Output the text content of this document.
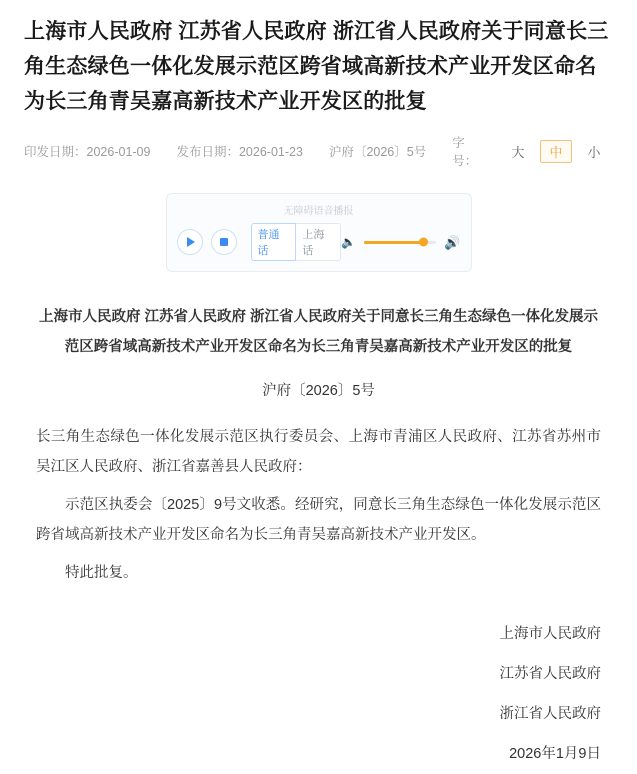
上海市人民政府 江苏省人民政府 浙江省人民政府关于同意长三角生态绿色一体化发展示范区跨省域高新技术产业开发区命名为长三角青吴嘉高新技术产业开发区的批复
印发日期：2026-01-09 发布日期：2026-01-23 沪府〔2026〕5号
字号：
大	中	小
无障碍语音播报
普通话
上海话
🔈	🔊
上海市人民政府 江苏省人民政府 浙江省人民政府关于同意长三角生态绿色一体化发展示范区跨省域高新技术产业开发区命名为长三角青吴嘉高新技术产业开发区的批复
沪府〔2026〕5号

长三角生态绿色一体化发展示范区执行委员会、上海市青浦区人民政府、江苏省苏州市吴江区人民政府、浙江省嘉善县人民政府：

示范区执委会〔2025〕9号文收悉。经研究，同意长三角生态绿色一体化发展示范区跨省域高新技术产业开发区命名为长三角青吴嘉高新技术产业开发区。

特此批复。

上海市人民政府
江苏省人民政府
浙江省人民政府
2026年1月9日
